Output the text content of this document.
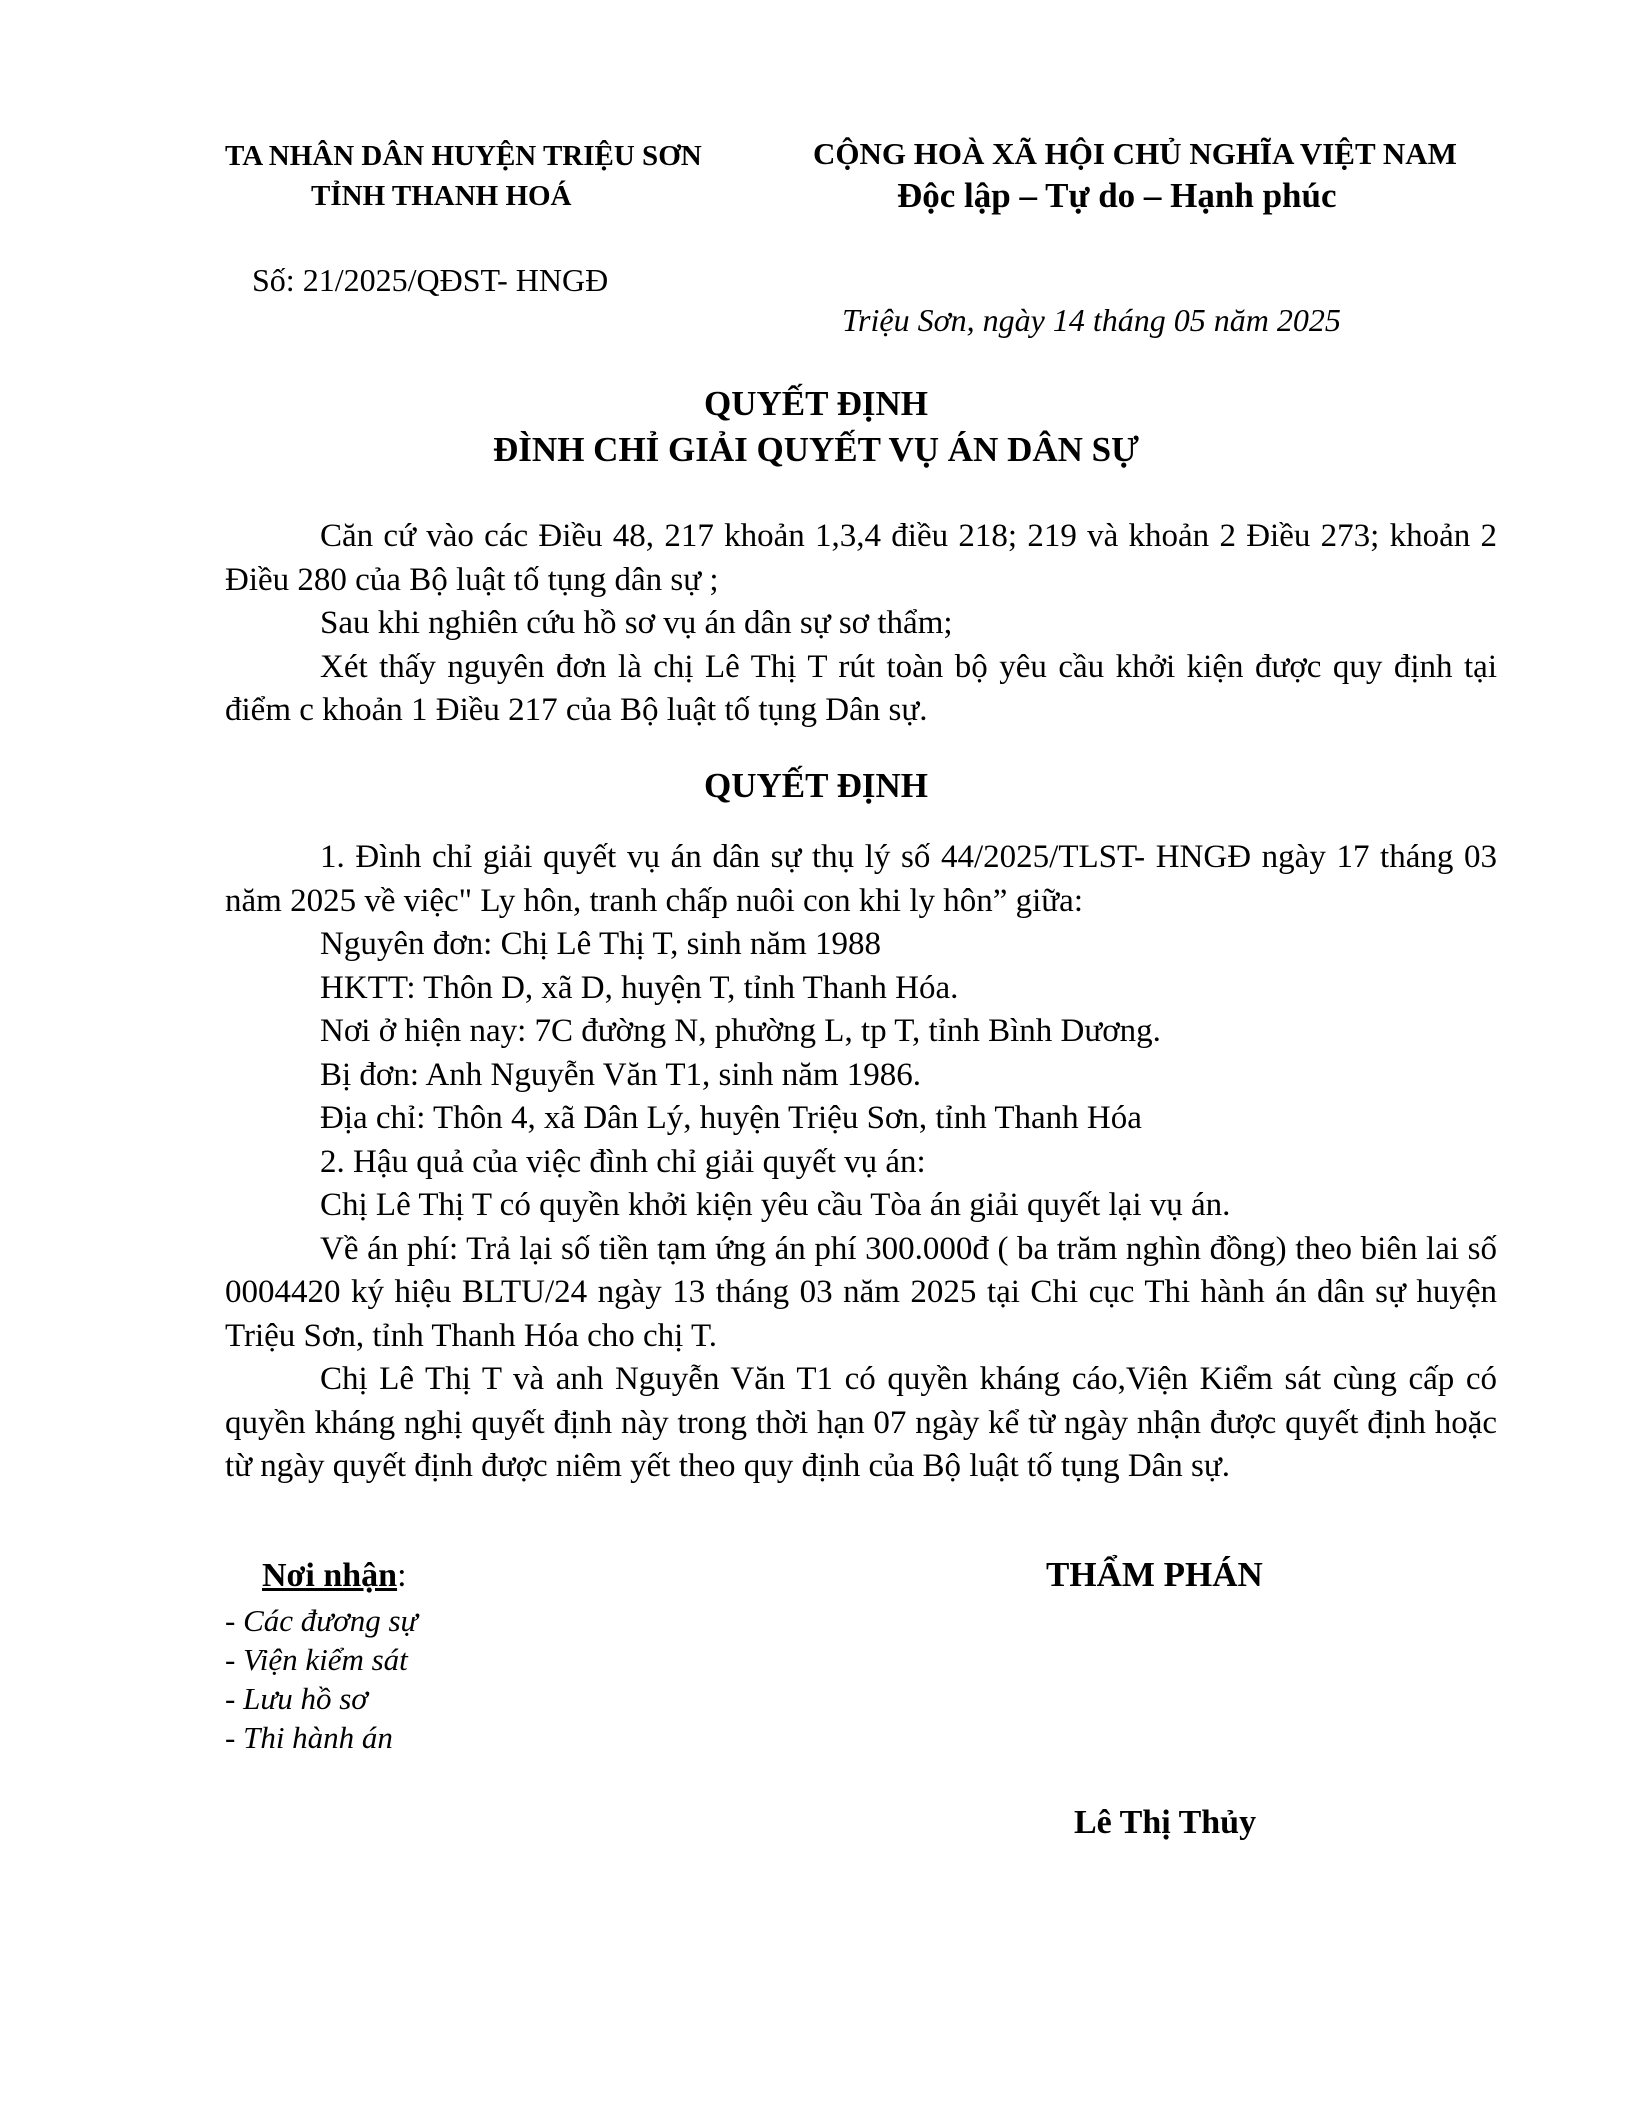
TA NHÂN DÂN HUYỆN TRIỆU SƠN
TỈNH THANH HOÁ
CỘNG HOÀ XÃ HỘI CHỦ NGHĨA VIỆT NAM
Độc lập – Tự do – Hạnh phúc
Số: 21/2025/QĐST- HNGĐ
Triệu Sơn, ngày 14 tháng 05 năm 2025
QUYẾT ĐỊNH
ĐÌNH CHỈ GIẢI QUYẾT VỤ ÁN DÂN SỰ

Căn cứ vào các Điều 48, 217 khoản 1,3,4 điều 218; 219 và khoản 2 Điều 273; khoản 2 Điều 280 của Bộ luật tố tụng dân sự ;

Sau khi nghiên cứu hồ sơ vụ án dân sự sơ thẩm;

Xét thấy nguyên đơn là chị Lê Thị T rút toàn bộ yêu cầu khởi kiện được quy định tại điểm c khoản 1 Điều 217 của Bộ luật tố tụng Dân sự.

QUYẾT ĐỊNH

1. Đình chỉ giải quyết vụ án dân sự thụ lý số 44/2025/TLST- HNGĐ ngày 17 tháng 03 năm 2025 về việc" Ly hôn, tranh chấp nuôi con khi ly hôn” giữa:

Nguyên đơn: Chị Lê Thị T, sinh năm 1988

HKTT: Thôn D, xã D, huyện T, tỉnh Thanh Hóa.

Nơi ở hiện nay: 7C đường N, phường L, tp T, tỉnh Bình Dương.

Bị đơn: Anh Nguyễn Văn T1, sinh năm 1986.

Địa chỉ: Thôn 4, xã Dân Lý, huyện Triệu Sơn, tỉnh Thanh Hóa

2. Hậu quả của việc đình chỉ giải quyết vụ án:

Chị Lê Thị T có quyền khởi kiện yêu cầu Tòa án giải quyết lại vụ án.

Về án phí: Trả lại số tiền tạm ứng án phí 300.000đ ( ba trăm nghìn đồng) theo biên lai số 0004420 ký hiệu BLTU/24 ngày 13 tháng 03 năm 2025 tại Chi cục Thi hành án dân sự huyện Triệu Sơn, tỉnh Thanh Hóa cho chị T.

Chị Lê Thị T và anh Nguyễn Văn T1 có quyền kháng cáo,Viện Kiểm sát cùng cấp có quyền kháng nghị quyết định này trong thời hạn 07 ngày kể từ ngày nhận được quyết định hoặc từ ngày quyết định được niêm yết theo quy định của Bộ luật tố tụng Dân sự.

Nơi nhận:
- Các đương sự
- Viện kiểm sát
- Lưu hồ sơ
- Thi hành án
THẨM PHÁN
Lê Thị Thủy
